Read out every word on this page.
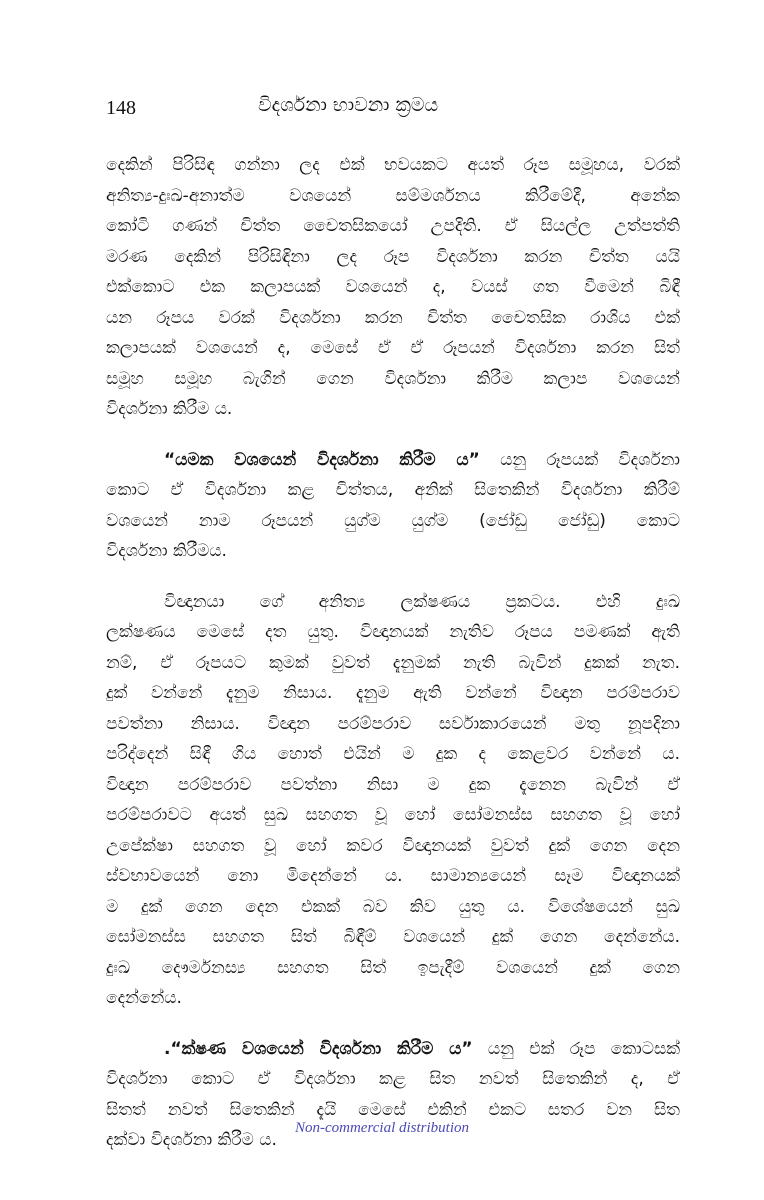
148	විදර්ශනා භාවනා ක්‍රමය
දෙකින් පිරිසිඳ ගන්නා ලද එක් භවයකට අයත් රූප සමූහය, වරක්
අනිත්‍ය-දුඃඛ-අනාත්ම වශයෙන් සම්මර්ශනය කිරීමේදී, අනේක
කෝටි ගණන් චිත්ත චෛතසිකයෝ උපදිති. ඒ සියල්ල උත්පත්ති
මරණ දෙකින් පිරිසිඳිනා ලද රූප විදර්ශනා කරන චිත්ත යයි
එක්කොට එක කලාපයක් වශයෙන් ද, වයස් ගත වීමෙන් බිඳී
යන රූපය වරක් විදර්ශනා කරන චිත්ත චෛතසික රාශිය එක්
කලාපයක් වශයෙන් ද, මෙසේ ඒ ඒ රූපයන් විදර්ශනා කරන සිත්
සමූහ සමූහ බැගින් ගෙන විදර්ශනා කිරීම කලාප වශයෙන්
විදර්ශනා කිරීම ය.
“යමක වශයෙන් විදර්ශනා කිරීම ය” යනු රූපයක් විදර්ශනා
කොට ඒ විදර්ශනා කළ චිත්තය, අනික් සිතෙකින් විදර්ශනා කිරීම්
වශයෙන් නාම රූපයන් යුග්ම යුග්ම (ජෝඩු ජෝඩු) කොට
විදර්ශනා කිරීමය.
විඥානයා ගේ අනිත්‍ය ලක්ෂණය ප්‍රකටය. එහි දුඃඛ
ලක්ෂණය මෙසේ දත යුතු. විඥානයක් නැතිව රූපය පමණක් ඇති
නම්, ඒ රූපයට කුමක් වුවත් දැනුමක් නැති බැවින් දුකක් නැත.
දුක් වන්නේ දැනුම නිසාය. දැනුම ඇති වන්නේ විඥාන පරම්පරාව
පවත්නා නිසාය. විඥාන පරම්පරාව සර්වාකාරයෙන් මතු නූපදිනා
පරිද්දෙන් සිඳී ගිය හොත් එයින් ම දුක ද කෙළවර වන්නේ ය.
විඥාන පරම්පරාව පවත්නා නිසා ම දුක දැනෙන බැවින් ඒ
පරම්පරාවට අයත් සුඛ සහගත වූ හෝ සෝමනස්ස සහගත වූ හෝ
උපේක්ෂා සහගත වූ හෝ කවර විඥානයක් වුවත් දුක් ගෙන දෙන
ස්වභාවයෙන් නො මිදෙන්නේ ය. සාමාන්‍යයෙන් සෑම විඥානයක්
ම දුක් ගෙන දෙන එකක් බව කිව යුතු ය. විශේෂයෙන් සුඛ
සෝමනස්ස සහගත සිත් බිඳීම් වශයෙන් දුක් ගෙන දෙන්නේය.
දුඃඛ දෞර්මනස්‍ය සහගත සිත් ඉපැදීම් වශයෙන් දුක් ගෙන
දෙන්නේය.
.“ක්ෂණ වශයෙන් විදර්ශනා කිරීම ය” යනු එක් රූප කොටසක්
විදර්ශනා කොට ඒ විදර්ශනා කළ සිත නවත් සිතෙකින් ද, ඒ
සිතත් නවත් සිතෙකින් දැයි මෙසේ එකින් එකට සතර වන සිත
දක්වා විදර්ශනා කිරීම ය.
Non-commercial distribution
